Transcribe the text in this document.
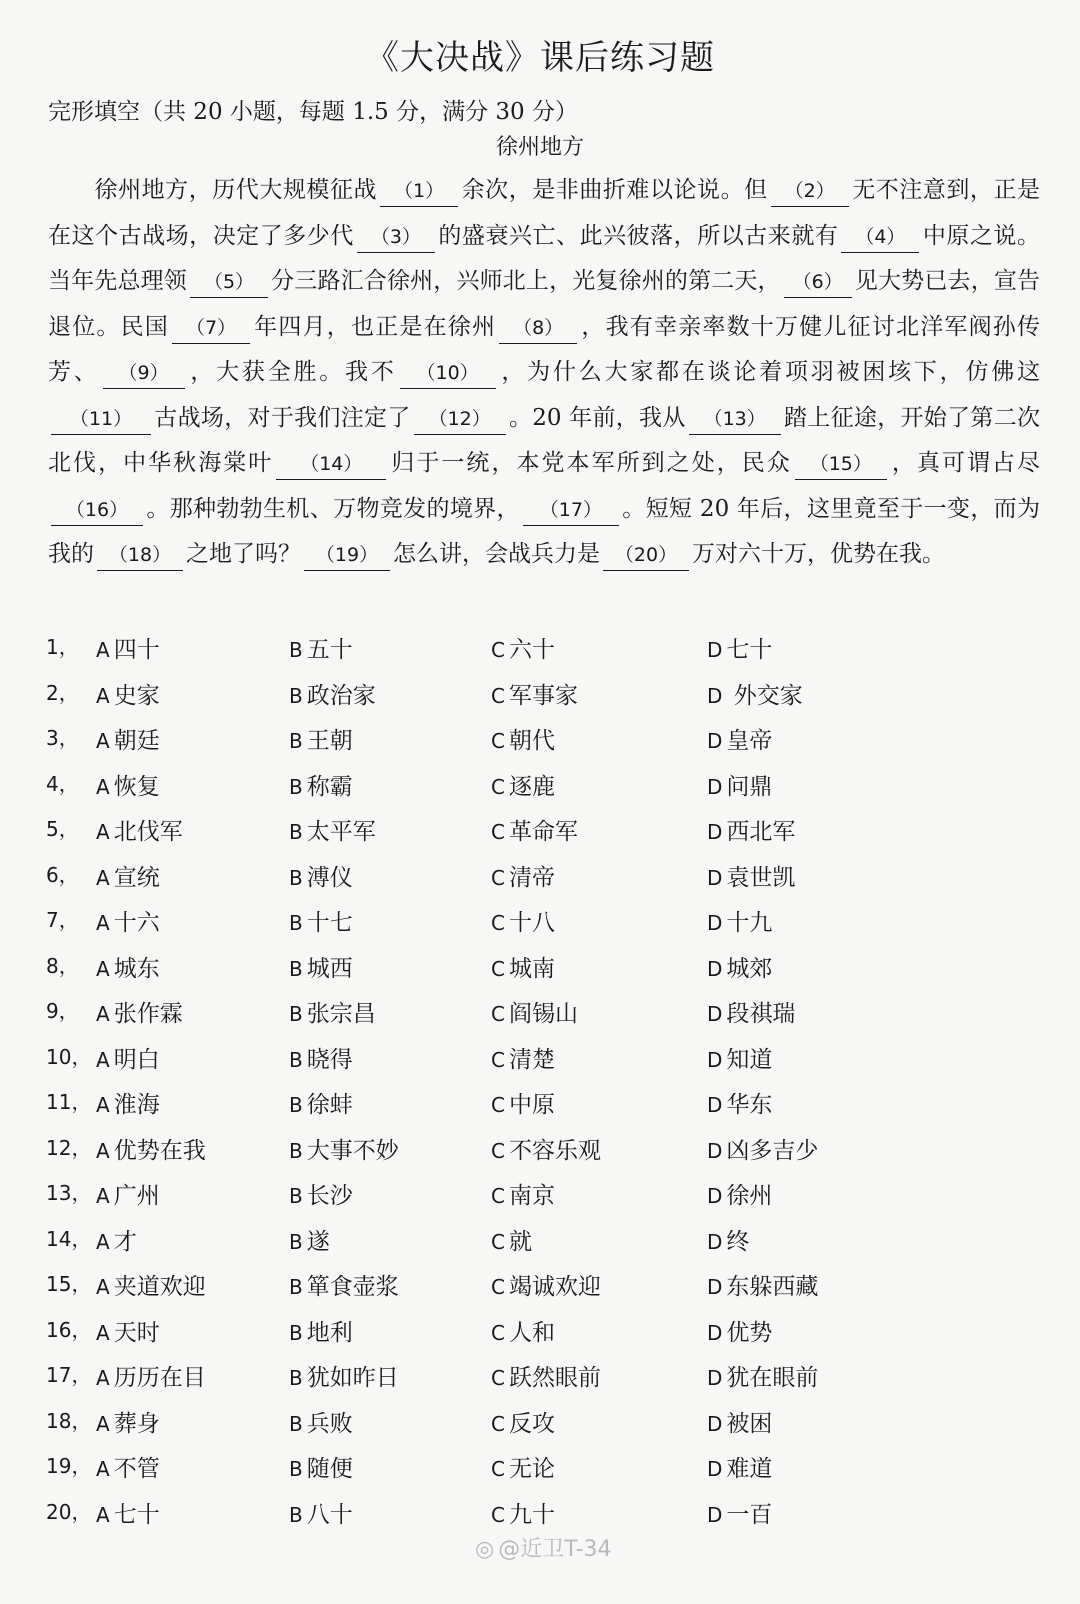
《大决战》课后练习题
完形填空（共 20 小题，每题 1.5 分，满分 30 分）
徐州地方
徐州地方，历代大规模征战 （1） 余次，是非曲折难以论说。但 （2） 无不注意到，正是在这个古战场，决定了多少代 （3） 的盛衰兴亡、此兴彼落，所以古来就有 （4） 中原之说。当年先总理领 （5） 分三路汇合徐州，兴师北上，光复徐州的第二天， （6） 见大势已去，宣告退位。民国 （7） 年四月，也正是在徐州 （8） ，我有幸亲率数十万健儿征讨北洋军阀孙传芳、 （9） ，大获全胜。我不 （10） ，为什么大家都在谈论着项羽被困垓下，仿佛这（11） 古战场，对于我们注定了 （12） 。20 年前，我从 （13） 踏上征途，开始了第二次北伐，中华秋海棠叶 （14） 归于一统，本党本军所到之处，民众 （15） ，真可谓占尽（16） 。那种勃勃生机、万物竞发的境界， （17） 。短短 20 年后，这里竟至于一变，而为我的 （18） 之地了吗？ （19） 怎么讲，会战兵力是 （20） 万对六十万，优势在我。
1， A 四十	B 五十	C 六十	D 七十
2， A 史家	B 政治家	C 军事家	D 外交家
3， A 朝廷	B 王朝	C 朝代	D 皇帝
4， A 恢复	B 称霸	C 逐鹿	D 问鼎
5， A 北伐军	B 太平军	C 革命军	D 西北军
6， A 宣统	B 溥仪	C 清帝	D 袁世凯
7， A 十六	B 十七	C 十八	D 十九
8， A 城东	B 城西	C 城南	D 城郊
9， A 张作霖	B 张宗昌	C 阎锡山	D 段祺瑞
10， A 明白	B 晓得	C 清楚	D 知道
11， A 淮海	B 徐蚌	C 中原	D 华东
12， A 优势在我	B 大事不妙	C 不容乐观	D 凶多吉少
13， A 广州	B 长沙	C 南京	D 徐州
14， A 才	B 遂	C 就	D 终
15， A 夹道欢迎	B 箪食壶浆	C 竭诚欢迎	D 东躲西藏
16， A 天时	B 地利	C 人和	D 优势
17， A 历历在目	B 犹如昨日	C 跃然眼前	D 犹在眼前
18， A 葬身	B 兵败	C 反攻	D 被困
19， A 不管	B 随便	C 无论	D 难道
20， A 七十	B 八十	C 九十	D 一百
◎ @近卫T-34
